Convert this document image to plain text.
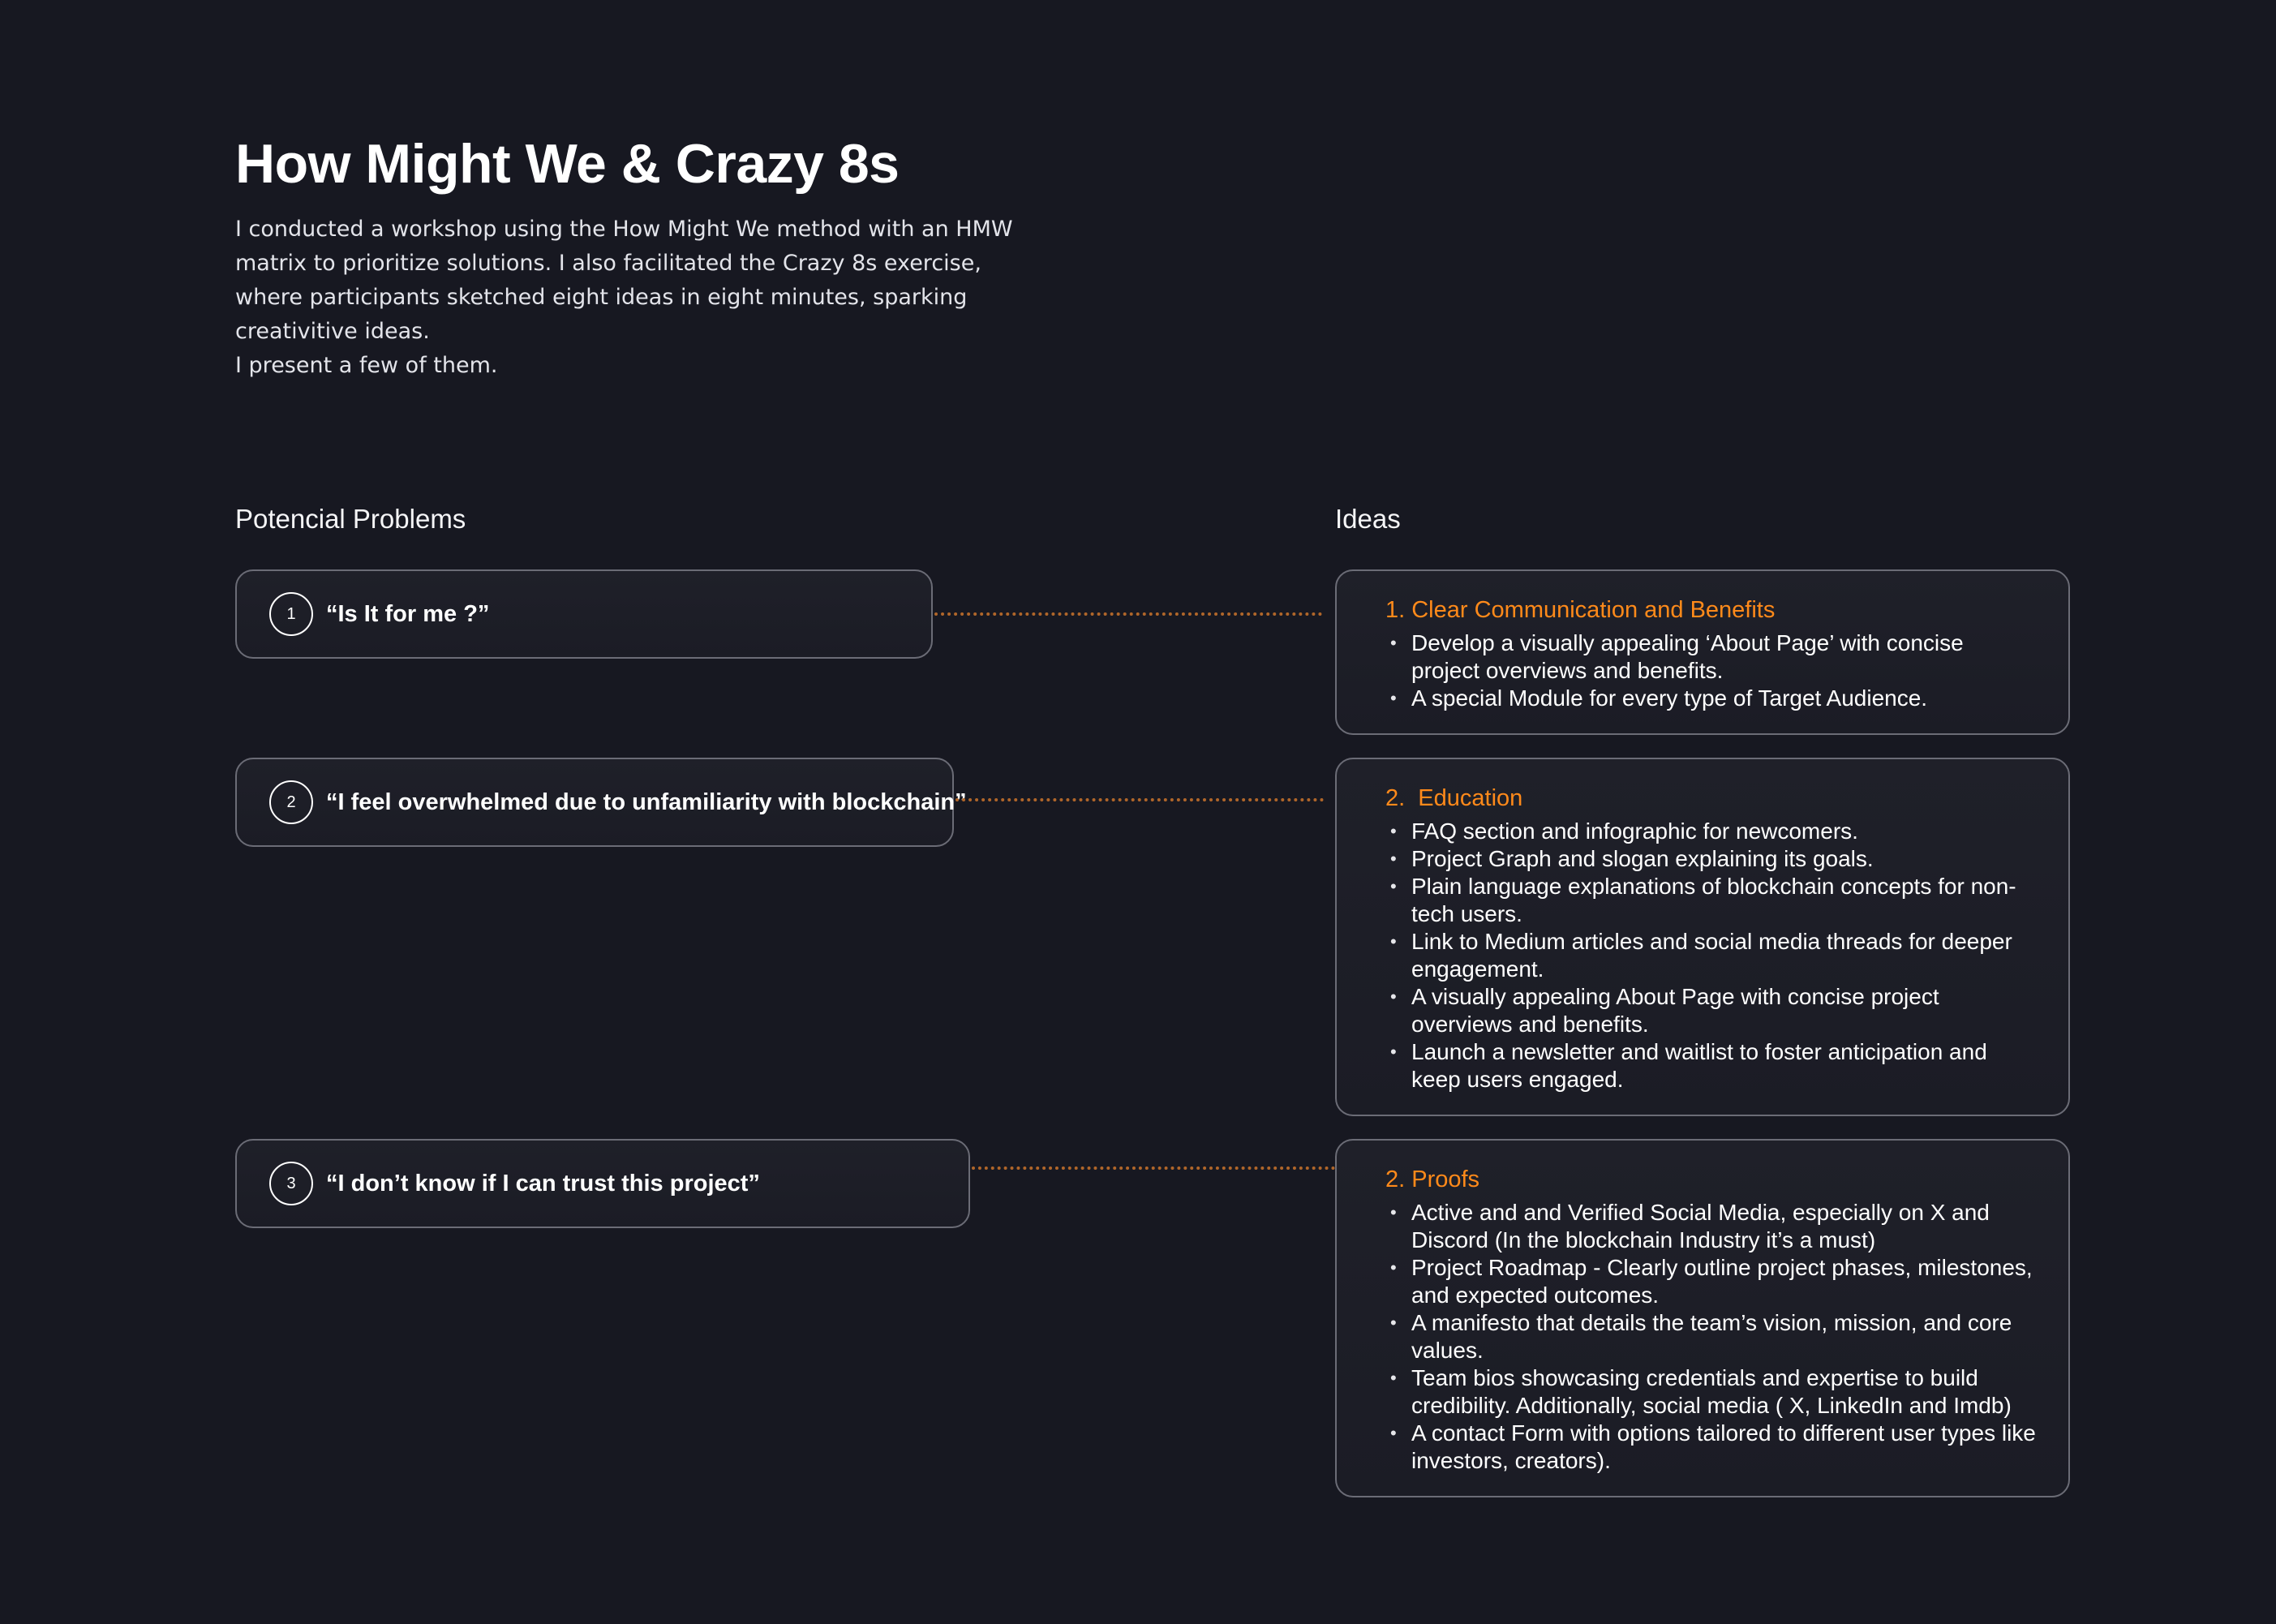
How Might We & Crazy 8s

I conducted a workshop using the How Might We method with an HMW matrix to prioritize solutions. I also facilitated the Crazy 8s exercise, where participants sketched eight ideas in eight minutes, sparking creativitive ideas.

I present a few of them.

Potencial Problems	Ideas
1	“Is It for me ?”
2	“I feel overwhelmed due to unfamiliarity with blockchain”
3	“I don’t know if I can trust this project”
1. Clear Communication and Benefits
• Develop a visually appealing ‘About Page’ with concise project overviews and benefits.
• A special Module for every type of Target Audience.
2.  Education
• FAQ section and infographic for newcomers.
• Project Graph and slogan explaining its goals.
• Plain language explanations of blockchain concepts for non-tech users.
• Link to Medium articles and social media threads for deeper engagement.
• A visually appealing About Page with concise project overviews and benefits.
• Launch a newsletter and waitlist to foster anticipation and keep users engaged.
2. Proofs
• Active and and Verified Social Media, especially on X and Discord (In the blockchain Industry it’s a must)
• Project Roadmap - Clearly outline project phases, milestones, and expected outcomes.
• A manifesto that details the team’s vision, mission, and core values.
• Team bios showcasing credentials and expertise to build credibility. Additionally, social media ( X, LinkedIn and Imdb)
• A contact Form with options tailored to different user types like investors, creators).
